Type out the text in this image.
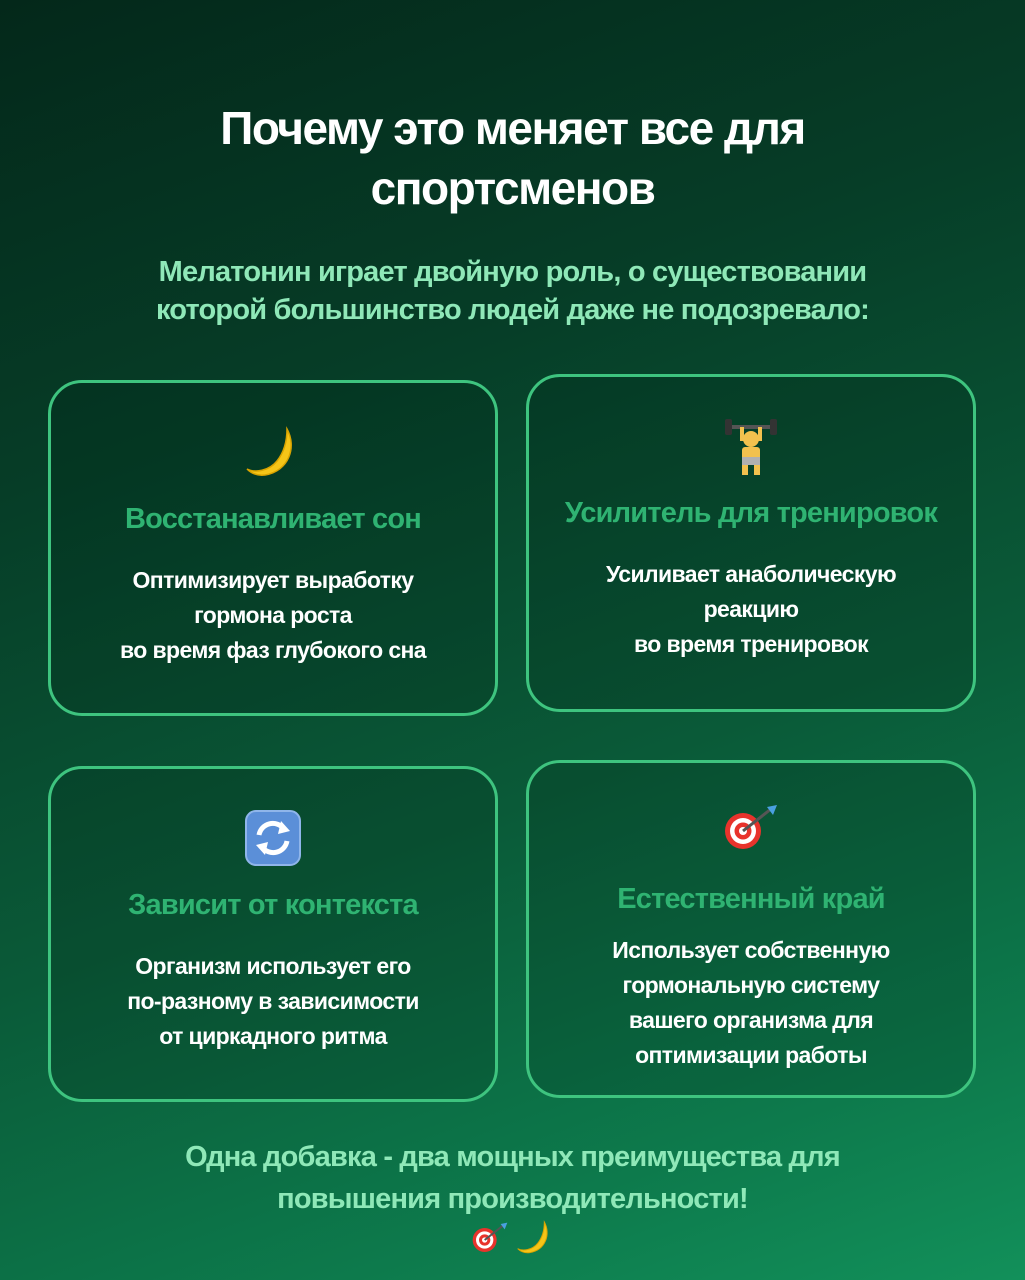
Почему это меняет все для
спортсменов
Мелатонин играет двойную роль, о существовании
которой большинство людей даже не подозревало:
Восстанавливает сон
Оптимизирует выработку
гормона роста
во время фаз глубокого сна
Усилитель для тренировок
Усиливает анаболическую
реакцию
во время тренировок
Зависит от контекста
Организм использует его
по-разному в зависимости
от циркадного ритма
Естественный край
Использует собственную
гормональную систему
вашего организма для
оптимизации работы
Одна добавка - два мощных преимущества для
повышения производительности!
